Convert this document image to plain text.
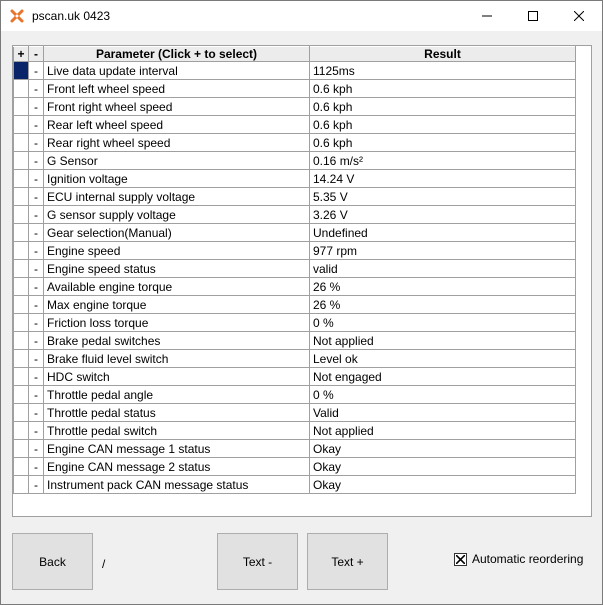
pscan.uk 0423
+	-	Parameter (Click + to select)	Result
	-	Live data update interval	1125ms
	-	Front left wheel speed	0.6 kph
	-	Front right wheel speed	0.6 kph
	-	Rear left wheel speed	0.6 kph
	-	Rear right wheel speed	0.6 kph
	-	G Sensor	0.16 m/s²
	-	Ignition voltage	14.24 V
	-	ECU internal supply voltage	5.35 V
	-	G sensor supply voltage	3.26 V
	-	Gear selection(Manual)	Undefined
	-	Engine speed	977 rpm
	-	Engine speed status	valid
	-	Available engine torque	26 %
	-	Max engine torque	26 %
	-	Friction loss torque	0 %
	-	Brake pedal switches	Not applied
	-	Brake fluid level switch	Level ok
	-	HDC switch	Not engaged
	-	Throttle pedal angle	0 %
	-	Throttle pedal status	Valid
	-	Throttle pedal switch	Not applied
	-	Engine CAN message 1 status	Okay
	-	Engine CAN message 2 status	Okay
	-	Instrument pack CAN message status	Okay
Back	/	Text -	Text +	Automatic reordering
